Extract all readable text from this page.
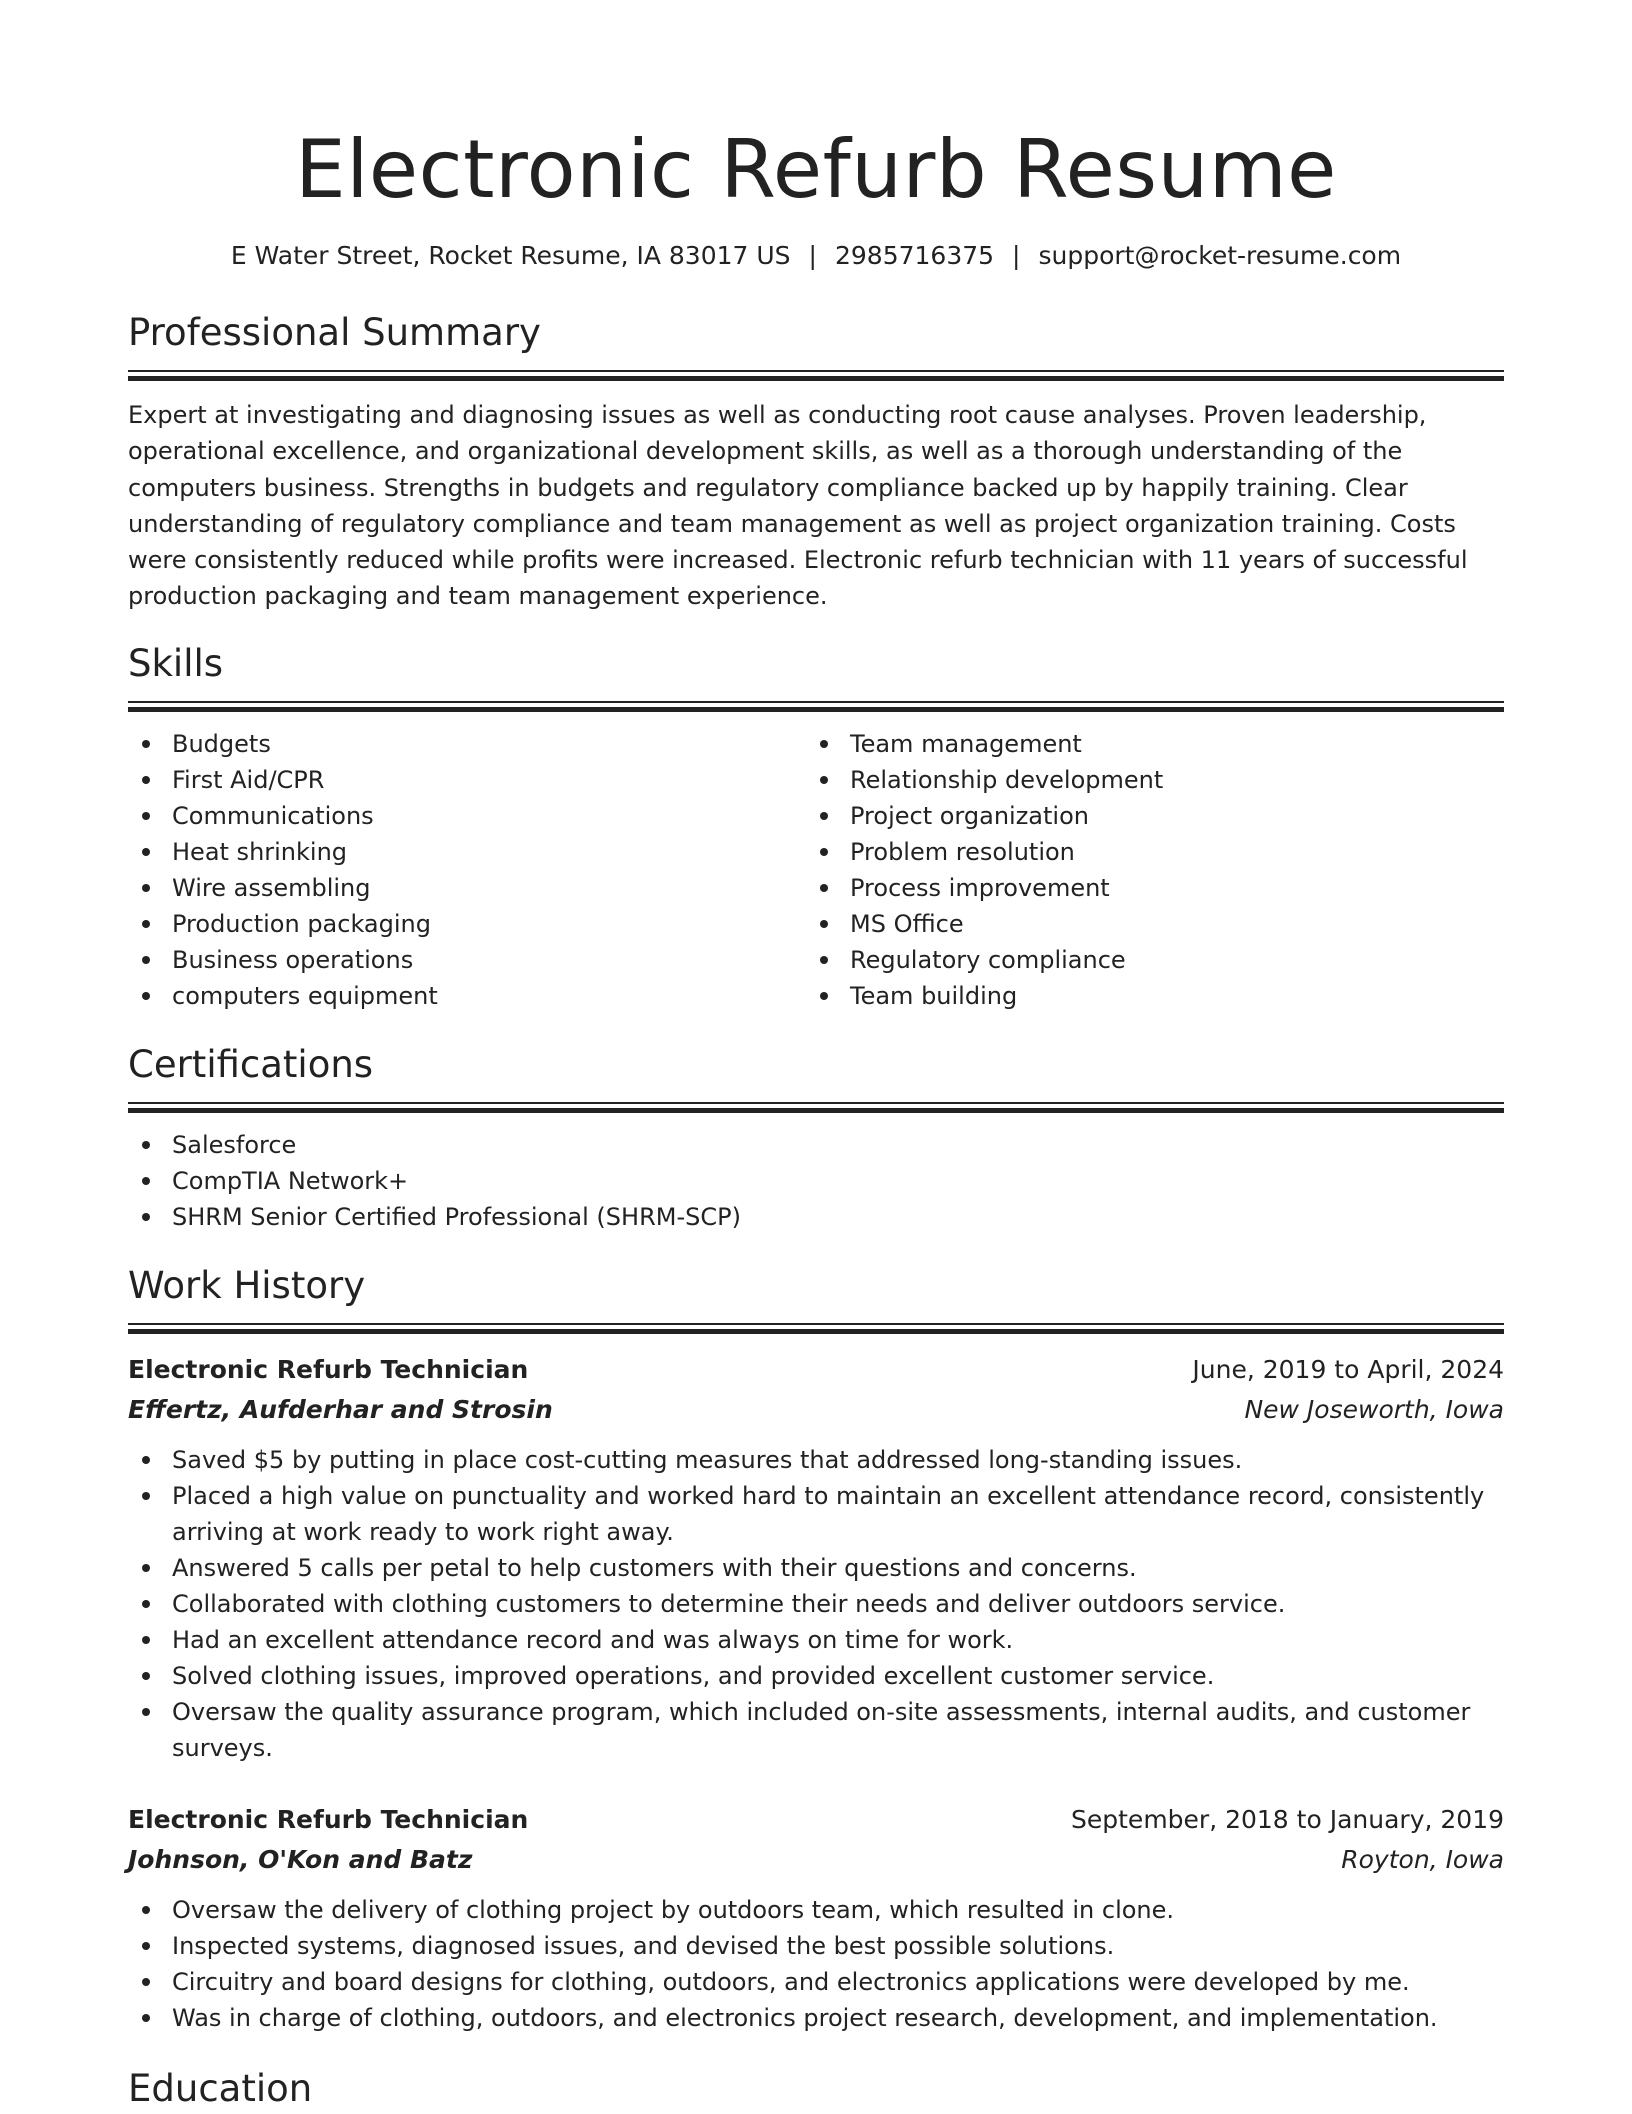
Electronic Refurb Resume
E Water Street, Rocket Resume, IA 83017 US | 2985716375 | support@rocket-resume.com
Professional Summary

Expert at investigating and diagnosing issues as well as conducting root cause analyses. Proven leadership, operational excellence, and organizational development skills, as well as a thorough understanding of the computers business. Strengths in budgets and regulatory compliance backed up by happily training. Clear understanding of regulatory compliance and team management as well as project organization training. Costs were consistently reduced while profits were increased. Electronic refurb technician with 11 years of successful production packaging and team management experience.

Skills
Budgets
First Aid/CPR
Communications
Heat shrinking
Wire assembling
Production packaging
Business operations
computers equipment
Team management
Relationship development
Project organization
Problem resolution
Process improvement
MS Office
Regulatory compliance
Team building
Certifications
Salesforce
CompTIA Network+
SHRM Senior Certified Professional (SHRM-SCP)
Work History
Electronic Refurb Technician	June, 2019 to April, 2024
Effertz, Aufderhar and Strosin	New Joseworth, Iowa
Saved $5 by putting in place cost-cutting measures that addressed long-standing issues.
Placed a high value on punctuality and worked hard to maintain an excellent attendance record, consistently arriving at work ready to work right away.
Answered 5 calls per petal to help customers with their questions and concerns.
Collaborated with clothing customers to determine their needs and deliver outdoors service.
Had an excellent attendance record and was always on time for work.
Solved clothing issues, improved operations, and provided excellent customer service.
Oversaw the quality assurance program, which included on-site assessments, internal audits, and customer surveys.
Electronic Refurb Technician	September, 2018 to January, 2019
Johnson, O'Kon and Batz	Royton, Iowa
Oversaw the delivery of clothing project by outdoors team, which resulted in clone.
Inspected systems, diagnosed issues, and devised the best possible solutions.
Circuitry and board designs for clothing, outdoors, and electronics applications were developed by me.
Was in charge of clothing, outdoors, and electronics project research, development, and implementation.
Education
